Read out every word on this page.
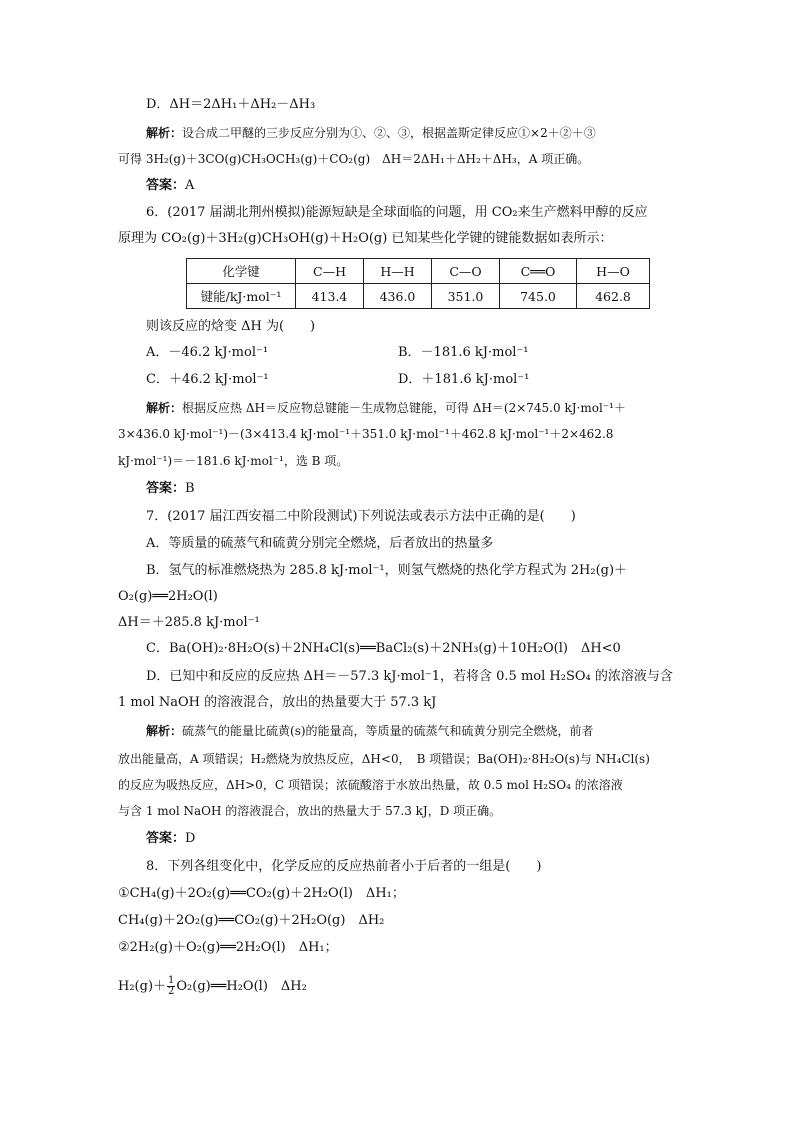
D．ΔH＝2ΔH₁＋ΔH₂－ΔH₃
解析：设合成二甲醚的三步反应分别为①、②、③，根据盖斯定律反应①×2＋②＋③
可得 3H₂(g)＋3CO(g)CH₃OCH₃(g)＋CO₂(g)　ΔH＝2ΔH₁＋ΔH₂＋ΔH₃，A 项正确。
答案：A
6．(2017 届湖北荆州模拟)能源短缺是全球面临的问题，用 CO₂来生产燃料甲醇的反应
原理为 CO₂(g)＋3H₂(g)CH₃OH(g)＋H₂O(g) 已知某些化学键的键能数据如表所示：
化学键	C—H	H—H	C—O	C══O	H—O
键能/kJ·mol⁻¹	413.4	436.0	351.0	745.0	462.8
则该反应的焓变 ΔH 为(　　)
A．－46.2 kJ·mol⁻¹	B．－181.6 kJ·mol⁻¹
C．＋46.2 kJ·mol⁻¹	D．＋181.6 kJ·mol⁻¹
解析：根据反应热 ΔH＝反应物总键能－生成物总键能，可得 ΔH＝(2×745.0 kJ·mol⁻¹＋
3×436.0 kJ·mol⁻¹)－(3×413.4 kJ·mol⁻¹＋351.0 kJ·mol⁻¹＋462.8 kJ·mol⁻¹＋2×462.8
kJ·mol⁻¹)＝－181.6 kJ·mol⁻¹，选 B 项。
答案：B
7．(2017 届江西安福二中阶段测试)下列说法或表示方法中正确的是(　　)
A．等质量的硫蒸气和硫黄分别完全燃烧，后者放出的热量多
B．氢气的标准燃烧热为 285.8 kJ·mol⁻¹，则氢气燃烧的热化学方程式为 2H₂(g)＋
O₂(g)══2H₂O(l)
ΔH＝＋285.8 kJ·mol⁻¹
C．Ba(OH)₂·8H₂O(s)＋2NH₄Cl(s)══BaCl₂(s)＋2NH₃(g)＋10H₂O(l)　ΔH<0
D．已知中和反应的反应热 ΔH＝－57.3 kJ·mol⁻1，若将含 0.5 mol H₂SO₄ 的浓溶液与含
1 mol NaOH 的溶液混合，放出的热量要大于 57.3 kJ
解析：硫蒸气的能量比硫黄(s)的能量高，等质量的硫蒸气和硫黄分别完全燃烧，前者
放出能量高，A 项错误；H₂燃烧为放热反应，ΔH<0，　B 项错误；Ba(OH)₂·8H₂O(s)与 NH₄Cl(s)
的反应为吸热反应，ΔH>0，C 项错误；浓硫酸溶于水放出热量，故 0.5 mol H₂SO₄ 的浓溶液
与含 1 mol NaOH 的溶液混合，放出的热量大于 57.3 kJ，D 项正确。
答案：D
8．下列各组变化中，化学反应的反应热前者小于后者的一组是(　　)
①CH₄(g)＋2O₂(g)══CO₂(g)＋2H₂O(l)　ΔH₁；
CH₄(g)＋2O₂(g)══CO₂(g)＋2H₂O(g)　ΔH₂
②2H₂(g)＋O₂(g)══2H₂O(l)　ΔH₁；
$H_2(g)+ \frac{1}{2}$ O₂(g)══H₂O(l)　ΔH₂
